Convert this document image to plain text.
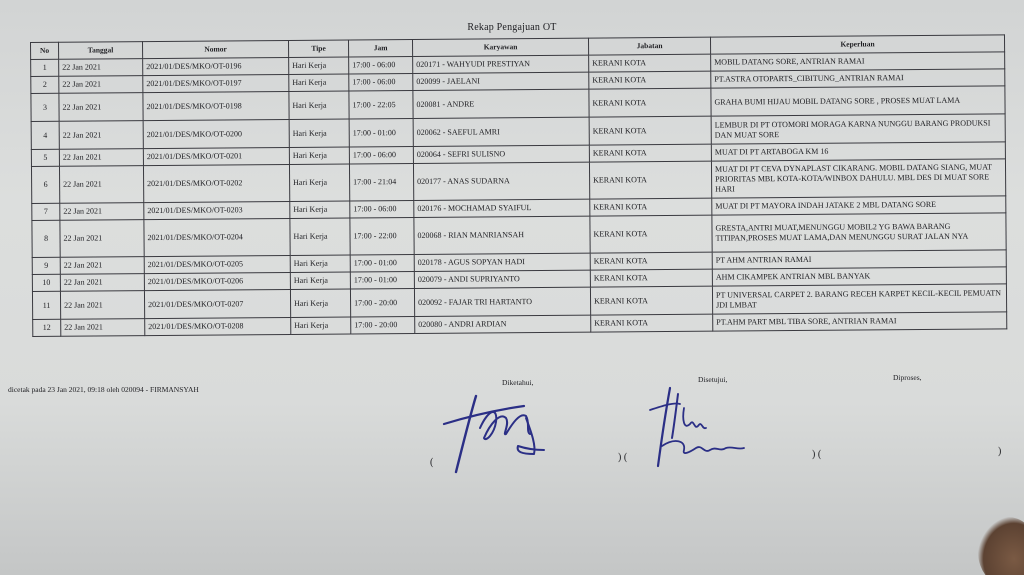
Rekap Pengajuan OT
No	Tanggal	Nomor	Tipe	Jam	Karyawan	Jabatan	Keperluan
1	22 Jan 2021	2021/01/DES/MKO/OT-0196	Hari Kerja	17:00 - 06:00	020171 - WAHYUDI PRESTIYAN	KERANI KOTA	MOBIL DATANG SORE, ANTRIAN RAMAI
2	22 Jan 2021	2021/01/DES/MKO/OT-0197	Hari Kerja	17:00 - 06:00	020099 - JAELANI	KERANI KOTA	PT.ASTRA OTOPARTS_CIBITUNG_ANTRIAN RAMAI
3	22 Jan 2021	2021/01/DES/MKO/OT-0198	Hari Kerja	17:00 - 22:05	020081 - ANDRE	KERANI KOTA	GRAHA BUMI HIJAU MOBIL DATANG SORE , PROSES MUAT LAMA
4	22 Jan 2021	2021/01/DES/MKO/OT-0200	Hari Kerja	17:00 - 01:00	020062 - SAEFUL AMRI	KERANI KOTA	LEMBUR DI PT OTOMORI MORAGA KARNA NUNGGU BARANG PRODUKSI DAN MUAT SORE
5	22 Jan 2021	2021/01/DES/MKO/OT-0201	Hari Kerja	17:00 - 06:00	020064 - SEFRI SULISNO	KERANI KOTA	MUAT DI PT ARTABOGA KM 16
6	22 Jan 2021	2021/01/DES/MKO/OT-0202	Hari Kerja	17:00 - 21:04	020177 - ANAS SUDARNA	KERANI KOTA	MUAT DI PT CEVA DYNAPLAST CIKARANG. MOBIL DATANG SIANG, MUAT PRIORITAS MBL KOTA-KOTA/WINBOX DAHULU. MBL DES DI MUAT SORE HARI
7	22 Jan 2021	2021/01/DES/MKO/OT-0203	Hari Kerja	17:00 - 06:00	020176 - MOCHAMAD SYAIFUL	KERANI KOTA	MUAT DI PT MAYORA INDAH JATAKE 2 MBL DATANG SORE
8	22 Jan 2021	2021/01/DES/MKO/OT-0204	Hari Kerja	17:00 - 22:00	020068 - RIAN MANRIANSAH	KERANI KOTA	GRESTA,ANTRI MUAT,MENUNGGU MOBIL2 YG BAWA BARANG TITIPAN,PROSES MUAT LAMA,DAN MENUNGGU SURAT JALAN NYA
9	22 Jan 2021	2021/01/DES/MKO/OT-0205	Hari Kerja	17:00 - 01:00	020178 - AGUS SOPYAN HADI	KERANI KOTA	PT AHM ANTRIAN RAMAI
10	22 Jan 2021	2021/01/DES/MKO/OT-0206	Hari Kerja	17:00 - 01:00	020079 - ANDI SUPRIYANTO	KERANI KOTA	AHM CIKAMPEK ANTRIAN MBL BANYAK
11	22 Jan 2021	2021/01/DES/MKO/OT-0207	Hari Kerja	17:00 - 20:00	020092 - FAJAR TRI HARTANTO	KERANI KOTA	PT UNIVERSAL CARPET 2. BARANG RECEH KARPET KECIL-KECIL PEMUATN JDI LMBAT
12	22 Jan 2021	2021/01/DES/MKO/OT-0208	Hari Kerja	17:00 - 20:00	020080 - ANDRI ARDIAN	KERANI KOTA	PT.AHM PART MBL TIBA SORE, ANTRIAN RAMAI
dicetak pada 23 Jan 2021, 09:18 oleh 020094 - FIRMANSYAH
Diketahui,	Disetujui,	Diproses,
(	) (	) (	)
